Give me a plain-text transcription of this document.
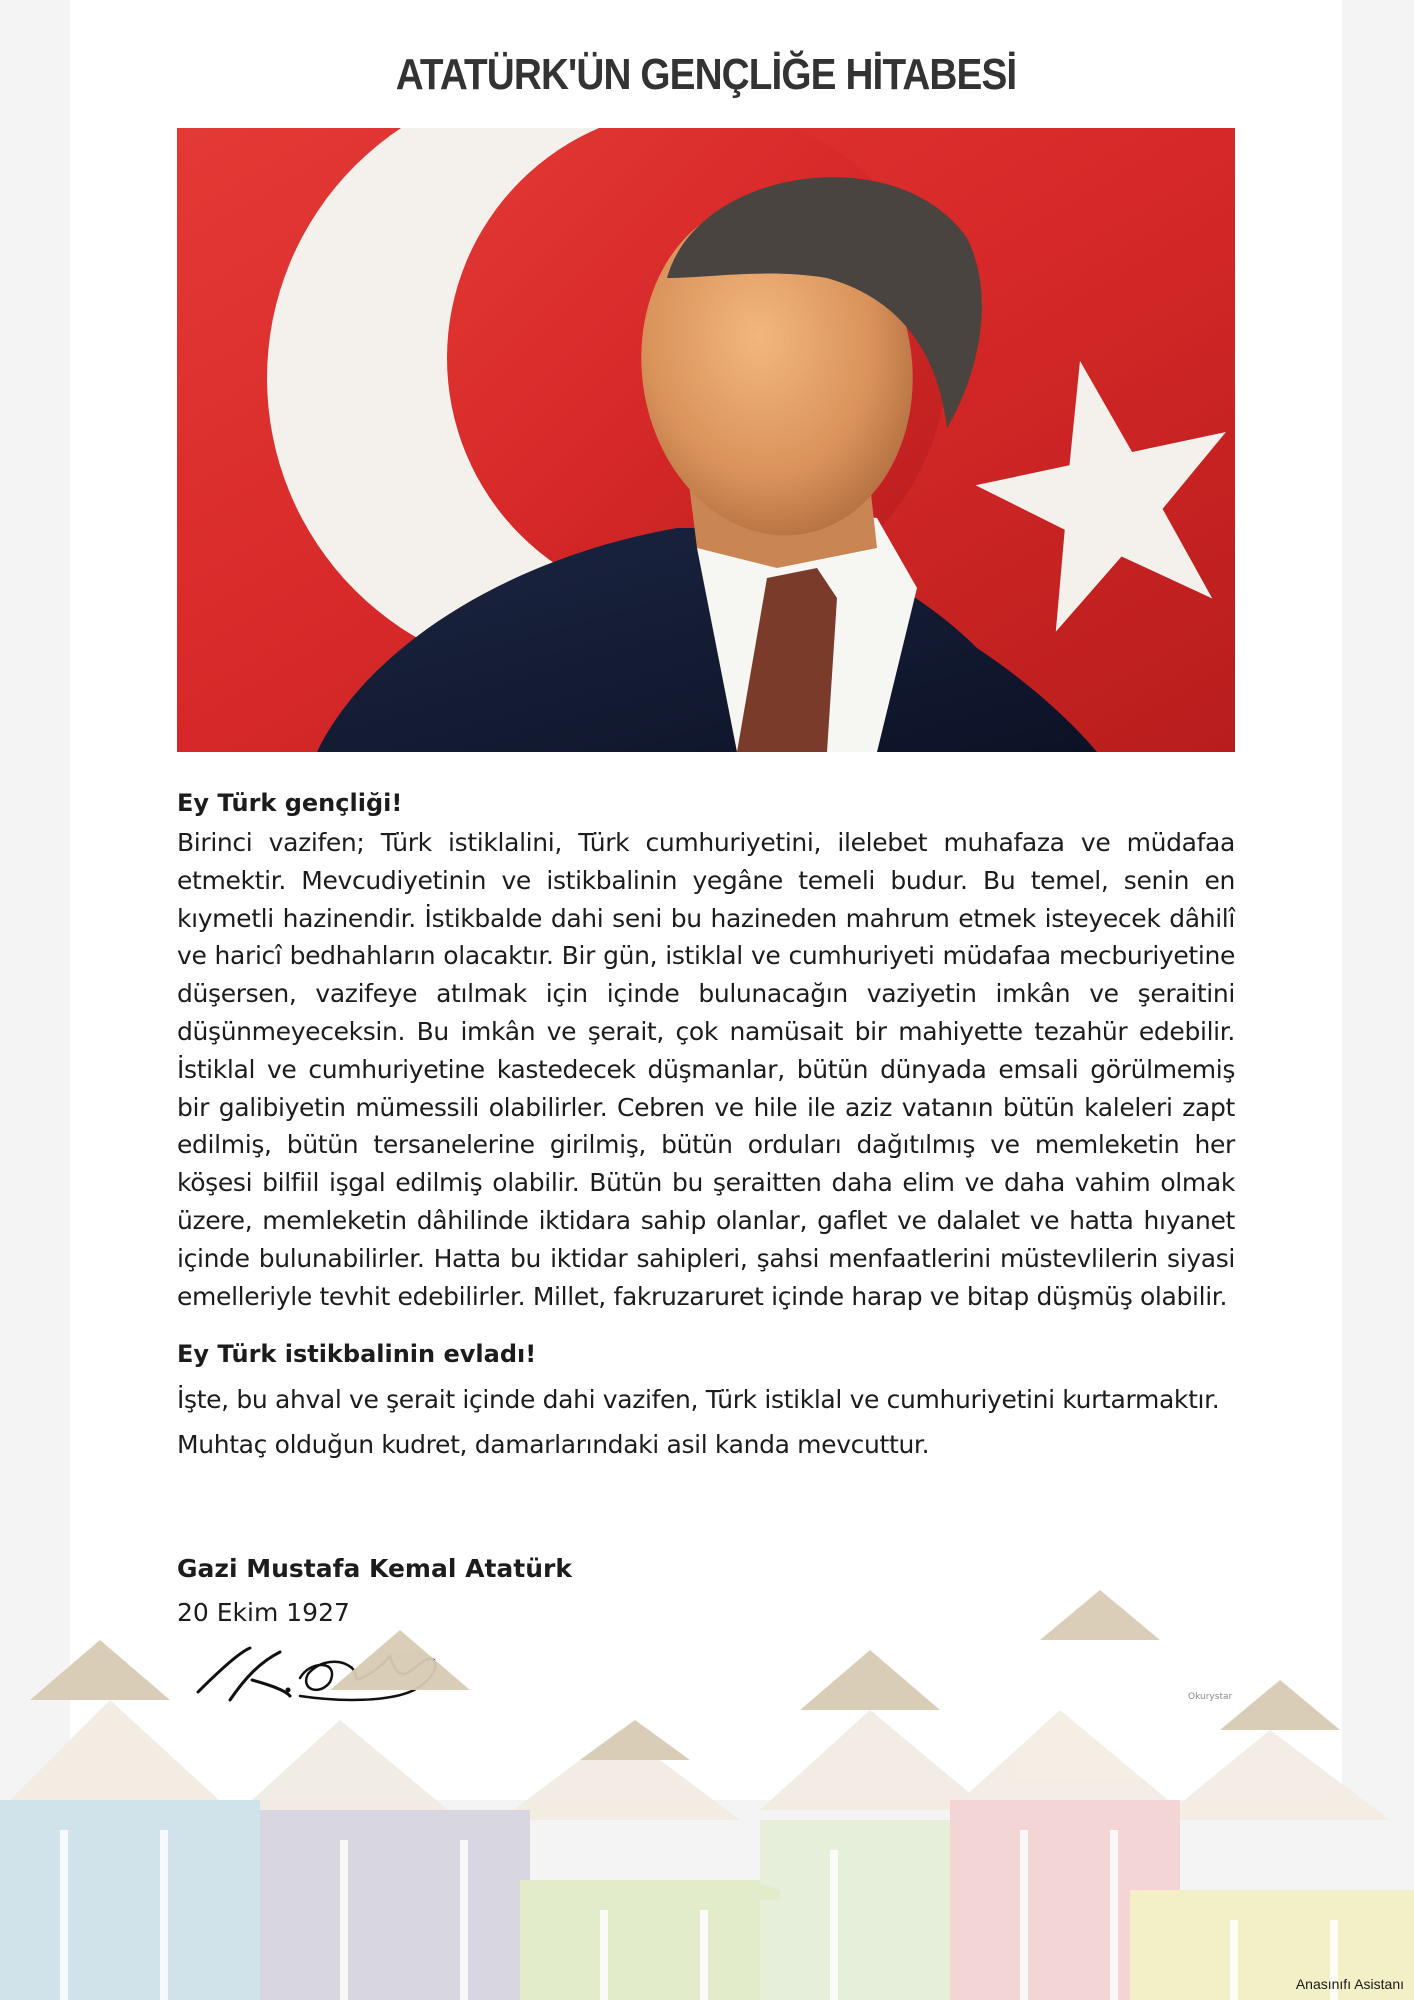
ATATÜRK'ÜN GENÇLİĞE HİTABESİ

Ey Türk gençliği!

Birinci vazifen; Türk istiklalini, Türk cumhuriyetini, ilelebet muhafaza ve müdafaa etmektir. Mevcudiyetinin ve istikbalinin yegâne temeli budur. Bu temel, senin en kıymetli hazinendir. İstikbalde dahi seni bu hazineden mahrum etmek isteyecek dâhilî ve haricî bedhahların olacaktır. Bir gün, istiklal ve cumhuriyeti müdafaa mecburiyetine düşersen, vazifeye atılmak için içinde bulunacağın vaziyetin imkân ve şeraitini düşünmeyeceksin. Bu imkân ve şerait, çok namüsait bir mahiyette tezahür edebilir. İstiklal ve cumhuriyetine kastedecek düşmanlar, bütün dünyada emsali görülmemiş bir galibiyetin mümessili olabilirler. Cebren ve hile ile aziz vatanın bütün kaleleri zapt edilmiş, bütün tersanelerine girilmiş, bütün orduları dağıtılmış ve memleketin her köşesi bilfiil işgal edilmiş olabilir. Bütün bu şeraitten daha elim ve daha vahim olmak üzere, memleketin dâhilinde iktidara sahip olanlar, gaflet ve dalalet ve hatta hıyanet içinde bulunabilirler. Hatta bu iktidar sahipleri, şahsi menfaatlerini müstevlilerin siyasi emelleriyle tevhit edebilirler. Millet, fakruzaruret içinde harap ve bitap düşmüş olabilir.

Ey Türk istikbalinin evladı!

İşte, bu ahval ve şerait içinde dahi vazifen, Türk istiklal ve cumhuriyetini kurtarmaktır.

Muhtaç olduğun kudret, damarlarındaki asil kanda mevcuttur.

Gazi Mustafa Kemal Atatürk

20 Ekim 1927

Okurystar
Anasınıfı Asistanı
